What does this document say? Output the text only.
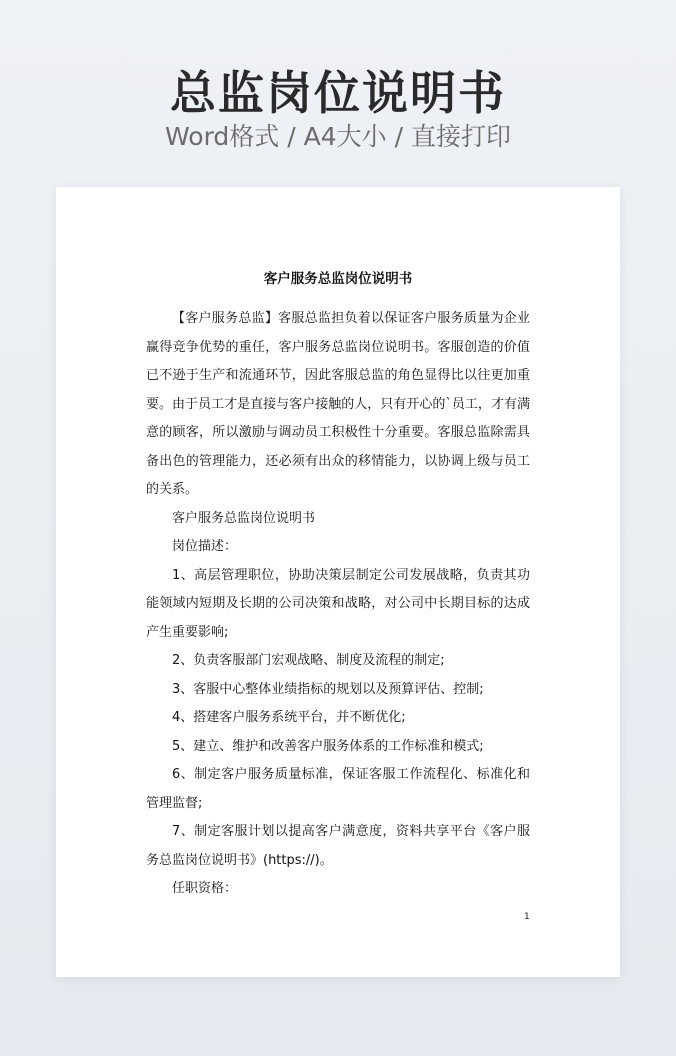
总监岗位说明书
Word格式 / A4大小 / 直接打印
客户服务总监岗位说明书

【客户服务总监】客服总监担负着以保证客户服务质量为企业赢得竞争优势的重任，客户服务总监岗位说明书。客服创造的价值已不逊于生产和流通环节，因此客服总监的角色显得比以往更加重要。由于员工才是直接与客户接触的人，只有开心的`员工，才有满意的顾客，所以激励与调动员工积极性十分重要。客服总监除需具备出色的管理能力，还必须有出众的移情能力，以协调上级与员工的关系。

客户服务总监岗位说明书

岗位描述：

1、高层管理职位，协助决策层制定公司发展战略，负责其功能领域内短期及长期的公司决策和战略，对公司中长期目标的达成产生重要影响;

2、负责客服部门宏观战略、制度及流程的制定;

3、客服中心整体业绩指标的规划以及预算评估、控制;

4、搭建客户服务系统平台，并不断优化;

5、建立、维护和改善客户服务体系的工作标准和模式;

6、制定客户服务质量标准，保证客服工作流程化、标准化和管理监督;

7、制定客服计划以提高客户满意度，资料共享平台《客户服务总监岗位说明书》(https://)。

任职资格：

1
